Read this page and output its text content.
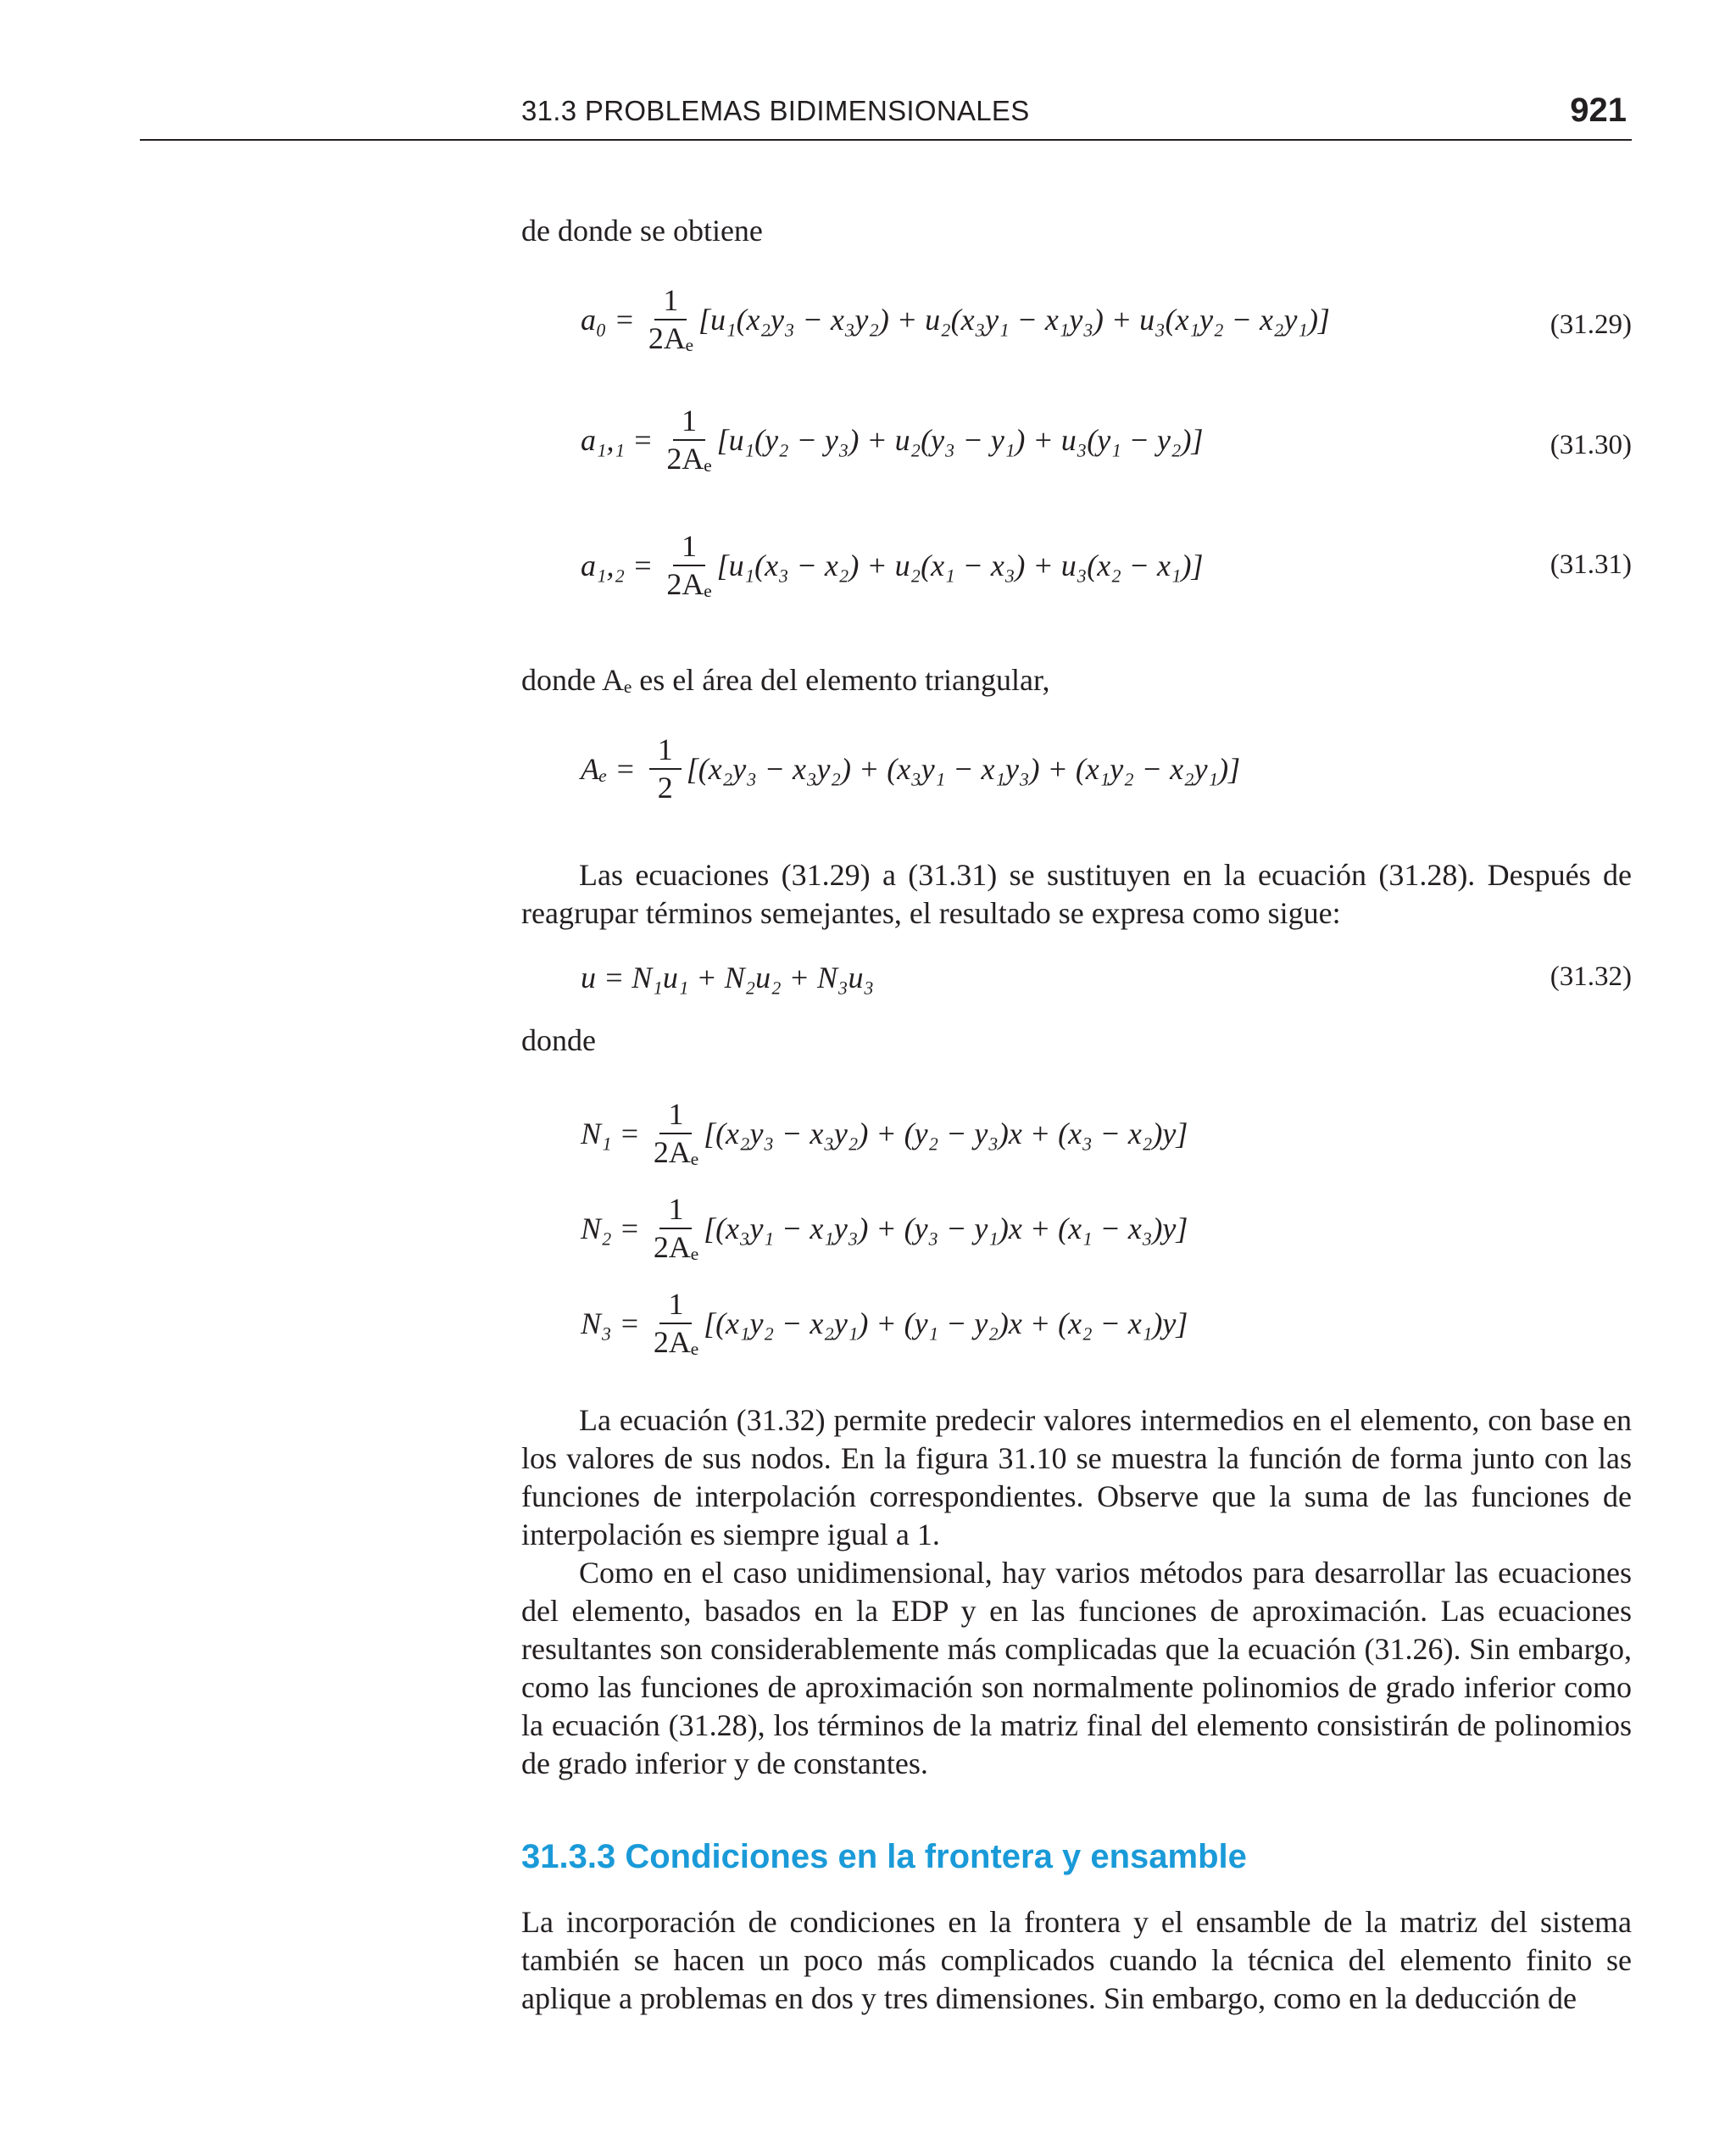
31.3 PROBLEMAS BIDIMENSIONALES	921
de donde se obtiene
$a_0 = \frac{1}{\text{2Aₑ}} [u_1(x_2y_3 - x_3y_2) + u_2(x_3y_1 - x_1y_3) + u_3(x_1y_2 - x_2y_1)]$	(31.29)
$a_1,_1 = \frac{1}{\text{2Aₑ}} [u_1(y_2 - y_3) + u_2(y_3 - y_1) + u_3(y_1 - y_2)]$	(31.30)
$a_1,_2 = \frac{1}{\text{2Aₑ}} [u_1(x_3 - x_2) + u_2(x_1 - x_3) + u_3(x_2 - x_1)]$	(31.31)
donde Aₑ es el área del elemento triangular,
$A_e = \frac{1}{2} [(x_2y_3 - x_3y_2) + (x_3y_1 - x_1y_3) + (x_1y_2 - x_2y_1)]$
Las ecuaciones (31.29) a (31.31) se sustituyen en la ecuación (31.28). Después de reagrupar términos semejantes, el resultado se expresa como sigue:
u = N₁u₁ + N₂u₂ + N₃u₃	(31.32)
donde
$N_1 = \frac{1}{\text{2Aₑ}} [(x_2y_3 - x_3y_2) + (y_2 - y_3)x + (x_3 - x_2)y]$
$N_2 = \frac{1}{\text{2Aₑ}} [(x_3y_1 - x_1y_3) + (y_3 - y_1)x + (x_1 - x_3)y]$
$N_3 = \frac{1}{\text{2Aₑ}} [(x_1y_2 - x_2y_1) + (y_1 - y_2)x + (x_2 - x_1)y]$
La ecuación (31.32) permite predecir valores intermedios en el elemento, con base en los valores de sus nodos. En la figura 31.10 se muestra la función de forma junto con las funciones de interpolación correspondientes. Observe que la suma de las funciones de interpolación es siempre igual a 1.
Como en el caso unidimensional, hay varios métodos para desarrollar las ecuaciones del elemento, basados en la EDP y en las funciones de aproximación. Las ecuaciones resultantes son considerablemente más complicadas que la ecuación (31.26). Sin embargo, como las funciones de aproximación son normalmente polinomios de grado inferior como la ecuación (31.28), los términos de la matriz final del elemento consistirán de polinomios de grado inferior y de constantes.
31.3.3 Condiciones en la frontera y ensamble
La incorporación de condiciones en la frontera y el ensamble de la matriz del sistema también se hacen un poco más complicados cuando la técnica del elemento finito se aplique a problemas en dos y tres dimensiones. Sin embargo, como en la deducción de
